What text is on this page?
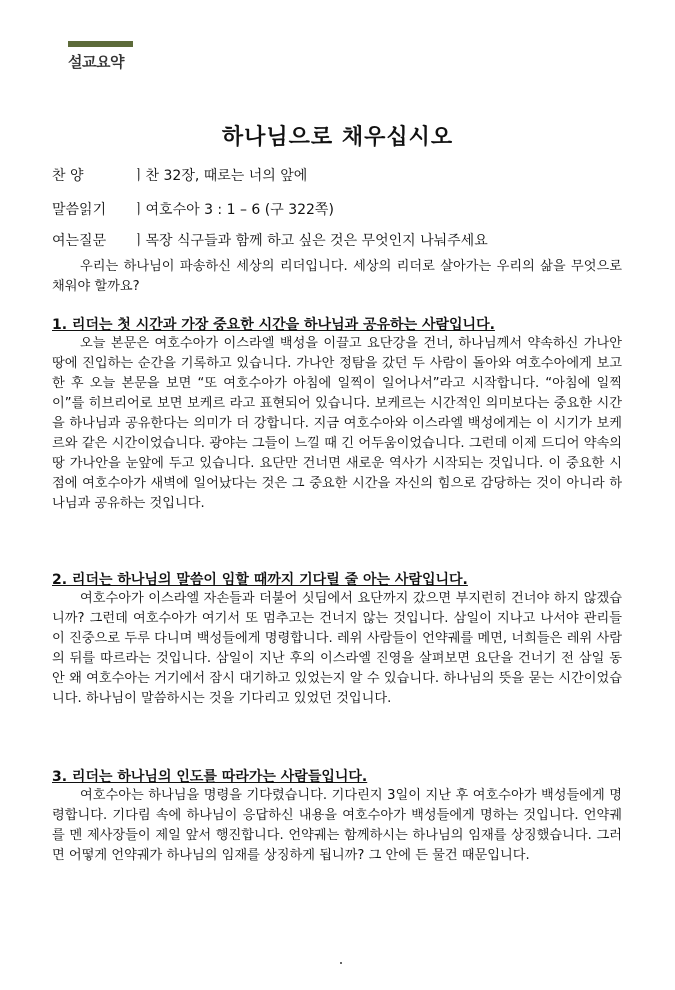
설교요약
하나님으로 채우십시오
찬 양	ㅣ찬 32장, 때로는 너의 앞에
말씀읽기 ㅣ여호수아 3 : 1 – 6 (구 322쪽)
여는질문 ㅣ목장 식구들과 함께 하고 싶은 것은 무엇인지 나눠주세요

우리는 하나님이 파송하신 세상의 리더입니다. 세상의 리더로 살아가는 우리의 삶을 무엇으로 채워야 할까요?

1. 리더는 첫 시간과 가장 중요한 시간을 하나님과 공유하는 사람입니다.

오늘 본문은 여호수아가 이스라엘 백성을 이끌고 요단강을 건너, 하나님께서 약속하신 가나안 땅에 진입하는 순간을 기록하고 있습니다. 가나안 정탐을 갔던 두 사람이 돌아와 여호수아에게 보고 한 후 오늘 본문을 보면 “또 여호수아가 아침에 일찍이 일어나서”라고 시작합니다. “아침에 일찍이”를 히브리어로 보면 보케르 라고 표현되어 있습니다. 보케르는 시간적인 의미보다는 중요한 시간을 하나님과 공유한다는 의미가 더 강합니다. 지금 여호수아와 이스라엘 백성에게는 이 시기가 보케르와 같은 시간이었습니다. 광야는 그들이 느낄 때 긴 어두움이었습니다. 그런데 이제 드디어 약속의 땅 가나안을 눈앞에 두고 있습니다. 요단만 건너면 새로운 역사가 시작되는 것입니다. 이 중요한 시점에 여호수아가 새벽에 일어났다는 것은 그 중요한 시간을 자신의 힘으로 감당하는 것이 아니라 하나님과 공유하는 것입니다.

2. 리더는 하나님의 말씀이 임할 때까지 기다릴 줄 아는 사람입니다.

여호수아가 이스라엘 자손들과 더불어 싯딤에서 요단까지 갔으면 부지런히 건너야 하지 않겠습니까? 그런데 여호수아가 여기서 또 멈추고는 건너지 않는 것입니다. 삼일이 지나고 나서야 관리들이 진중으로 두루 다니며 백성들에게 명령합니다. 레위 사람들이 언약궤를 메면, 너희들은 레위 사람의 뒤를 따르라는 것입니다. 삼일이 지난 후의 이스라엘 진영을 살펴보면 요단을 건너기 전 삼일 동안 왜 여호수아는 거기에서 잠시 대기하고 있었는지 알 수 있습니다. 하나님의 뜻을 묻는 시간이었습니다. 하나님이 말씀하시는 것을 기다리고 있었던 것입니다.

3. 리더는 하나님의 인도를 따라가는 사람들입니다.

여호수아는 하나님을 명령을 기다렸습니다. 기다린지 3일이 지난 후 여호수아가 백성들에게 명령합니다. 기다림 속에 하나님이 응답하신 내용을 여호수아가 백성들에게 명하는 것입니다. 언약궤를 멘 제사장들이 제일 앞서 행진합니다. 언약궤는 함께하시는 하나님의 임재를 상징했습니다. 그러면 어떻게 언약궤가 하나님의 임재를 상징하게 됩니까? 그 안에 든 물건 때문입니다.
